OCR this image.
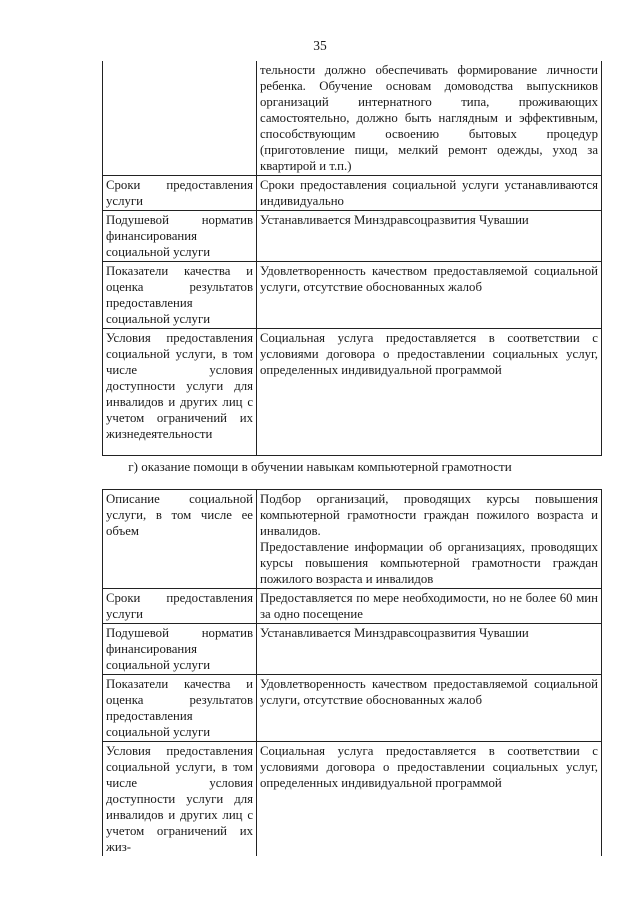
35

	тельности должно обеспечивать формирование личности ребенка. Обучение основам домоводства выпускников организаций интернатного типа, проживающих самостоятельно, должно быть наглядным и эффективным, способствующим освоению бытовых процедур (приготовление пищи, мелкий ремонт одежды, уход за квартирой и т.п.)

Сроки предоставления услуги	Сроки предоставления социальной услуги устанавливаются индивидуально

Подушевой норматив финансирования социальной услуги	Устанавливается Минздравсоцразвития Чувашии

Показатели качества и оценка результатов предоставления социальной услуги	Удовлетворенность качеством предоставляемой социальной услуги, отсутствие обоснованных жалоб

Условия предоставления социальной услуги, в том числе условия доступности услуги для инвалидов и других лиц с учетом ограничений их жизнедеятельности	Социальная услуга предоставляется в соответствии с условиями договора о предоставлении социальных услуг, определенных индивидуальной программой

г) оказание помощи в обучении навыкам компьютерной грамотности
Описание социальной услуги, в том числе ее объем	Подбор организаций, проводящих курсы повышения компьютерной грамотности граждан пожилого возраста и инвалидов.

Предоставление информации об организациях, проводящих курсы повышения компьютерной грамотности граждан пожилого возраста и инвалидов

Сроки предоставления услуги	Предоставляется по мере необходимости, но не более 60 мин за одно посещение

Подушевой норматив финансирования социальной услуги	Устанавливается Минздравсоцразвития Чувашии

Показатели качества и оценка результатов предоставления социальной услуги	Удовлетворенность качеством предоставляемой социальной услуги, отсутствие обоснованных жалоб

Условия предоставления социальной услуги, в том числе условия доступности услуги для инвалидов и других лиц с учетом ограничений их жиз-	Социальная услуга предоставляется в соответствии с условиями договора о предоставлении социальных услуг, определенных индивидуальной программой
